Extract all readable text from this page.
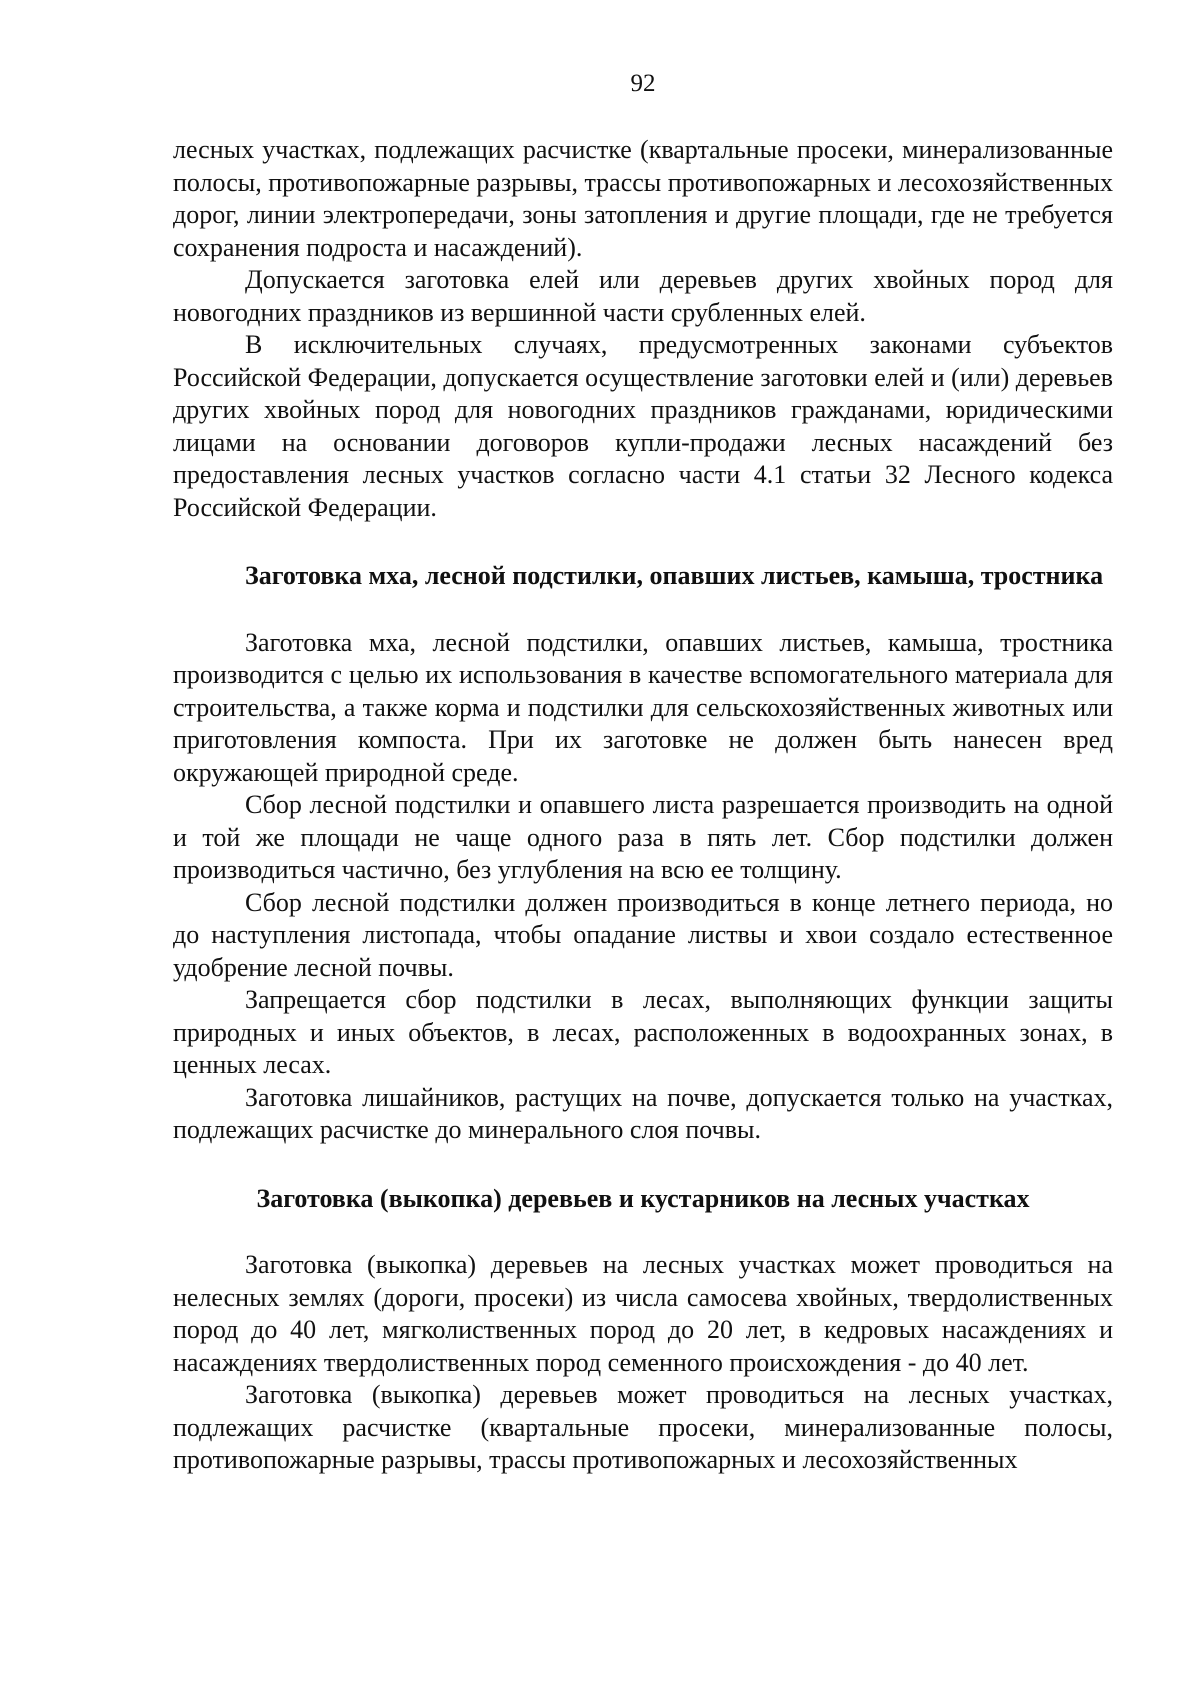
92

лесных участках, подлежащих расчистке (квартальные просеки, минерализованные полосы, противопожарные разрывы, трассы противопожарных и лесохозяйственных дорог, линии электропередачи, зоны затопления и другие площади, где не требуется сохранения подроста и насаждений).

Допускается заготовка елей или деревьев других хвойных пород для новогодних праздников из вершинной части срубленных елей.

В исключительных случаях, предусмотренных законами субъектов Российской Федерации, допускается осуществление заготовки елей и (или) деревьев других хвойных пород для новогодних праздников гражданами, юридическими лицами на основании договоров купли-продажи лесных насаждений без предоставления лесных участков согласно части 4.1 статьи 32 Лесного кодекса Российской Федерации.

Заготовка мха, лесной подстилки, опавших листьев, камыша, тростника

Заготовка мха, лесной подстилки, опавших листьев, камыша, тростника производится с целью их использования в качестве вспомогательного материала для строительства, а также корма и подстилки для сельскохозяйственных животных или приготовления компоста. При их заготовке не должен быть нанесен вред окружающей природной среде.

Сбор лесной подстилки и опавшего листа разрешается производить на одной и той же площади не чаще одного раза в пять лет. Сбор подстилки должен производиться частично, без углубления на всю ее толщину.

Сбор лесной подстилки должен производиться в конце летнего периода, но до наступления листопада, чтобы опадание листвы и хвои создало естественное удобрение лесной почвы.

Запрещается сбор подстилки в лесах, выполняющих функции защиты природных и иных объектов, в лесах, расположенных в водоохранных зонах, в ценных лесах.

Заготовка лишайников, растущих на почве, допускается только на участках, подлежащих расчистке до минерального слоя почвы.

Заготовка (выкопка) деревьев и кустарников на лесных участках

Заготовка (выкопка) деревьев на лесных участках может проводиться на нелесных землях (дороги, просеки) из числа самосева хвойных, твердолиственных пород до 40 лет, мягколиственных пород до 20 лет, в кедровых насаждениях и насаждениях твердолиственных пород семенного происхождения - до 40 лет.

Заготовка (выкопка) деревьев может проводиться на лесных участках, подлежащих расчистке (квартальные просеки, минерализованные полосы, противопожарные разрывы, трассы противопожарных и лесохозяйственных
